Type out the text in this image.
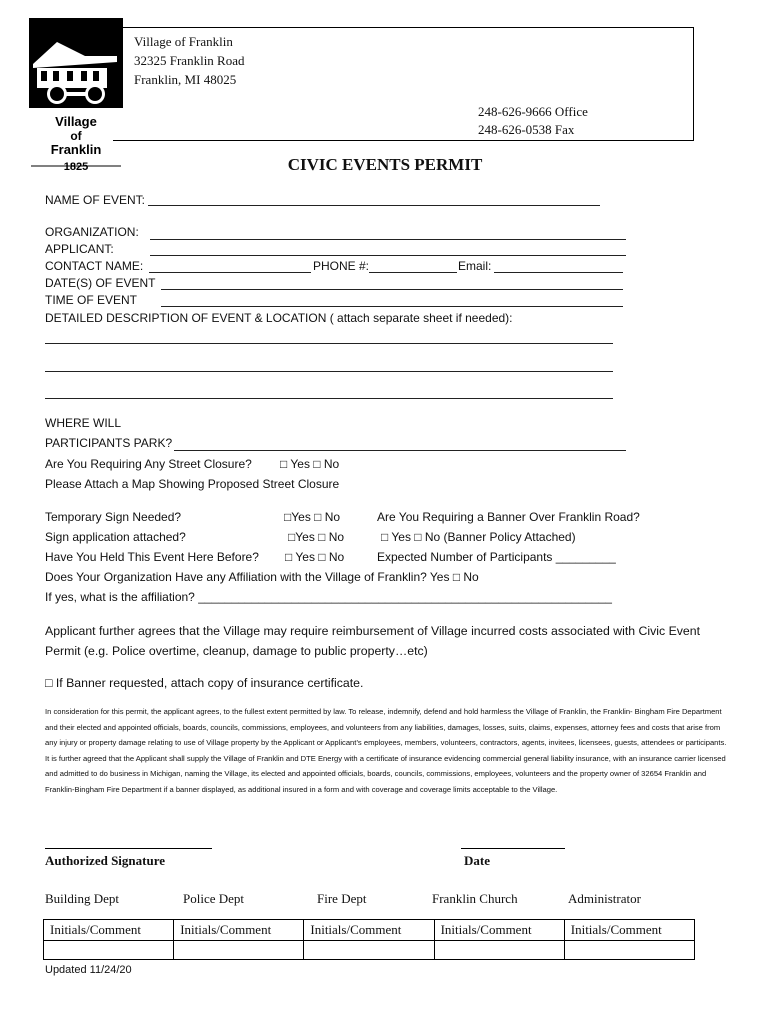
Village
of
Franklin
1825
Village of Franklin
32325 Franklin Road
Franklin, MI 48025
248-626-9666 Office
248-626-0538 Fax
CIVIC EVENTS PERMIT
NAME OF EVENT:
ORGANIZATION:
APPLICANT:
CONTACT NAME:	PHONE #:	Email:
DATE(S) OF EVENT
TIME OF EVENT
DETAILED DESCRIPTION OF EVENT & LOCATION ( attach separate sheet if needed):
WHERE WILL
PARTICIPANTS PARK?
Are You Requiring Any Street Closure? □ Yes □ No
Please Attach a Map Showing Proposed Street Closure
Temporary Sign Needed?	□Yes □ No	Are You Requiring a Banner Over Franklin Road?
Sign application attached?	□Yes □ No	□ Yes □ No (Banner Policy Attached)
Have You Held This Event Here Before? □ Yes □ No	Expected Number of Participants _________
Does Your Organization Have any Affiliation with the Village of Franklin? Yes □ No
If yes, what is the affiliation? ______________________________________________________________
Applicant further agrees that the Village may require reimbursement of Village incurred costs associated with Civic Event Permit (e.g. Police overtime, cleanup, damage to public property…etc)
□ If Banner requested, attach copy of insurance certificate.
In consideration for this permit, the applicant agrees, to the fullest extent permitted by law. To release, indemnify, defend and hold harmless the Village of Franklin, the Franklin- Bingham Fire Department and their elected and appointed officials, boards, councils, commissions, employees, and volunteers from any liabilities, damages, losses, suits, claims, expenses, attorney fees and costs that arise from any injury or property damage relating to use of Village property by the Applicant or Applicant’s employees, members, volunteers, contractors, agents, invitees, licensees, guests, attendees or participants. It is further agreed that the Applicant shall supply the Village of Franklin and DTE Energy with a certificate of insurance evidencing commercial general liability insurance, with an insurance carrier licensed and admitted to do business in Michigan, naming the Village, its elected and appointed officials, boards, councils, commissions, employees, volunteers and the property owner of 32654 Franklin and Franklin-Bingham Fire Department if a banner displayed, as additional insured in a form and with coverage and coverage limits acceptable to the Village.
Authorized Signature	Date
Building Dept	Police Dept	Fire Dept	Franklin Church	Administrator
Initials/Comment	Initials/Comment	Initials/Comment	Initials/Comment	Initials/Comment

Updated 11/24/20
